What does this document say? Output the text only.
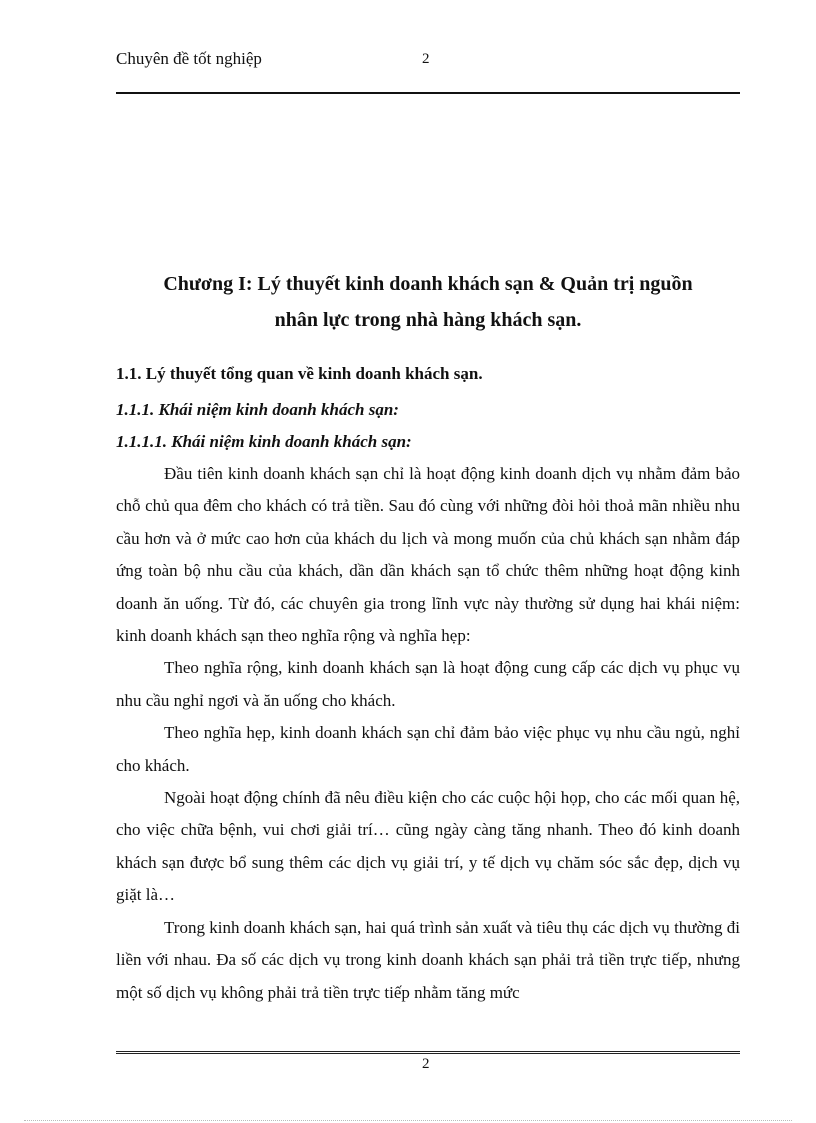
Chuyên đề tốt nghiệp	2
Chương I: Lý thuyết kinh doanh khách sạn & Quản trị nguồn
nhân lực trong nhà hàng khách sạn.
1.1. Lý thuyết tổng quan về kinh doanh khách sạn.
1.1.1. Khái niệm kinh doanh khách sạn:
1.1.1.1. Khái niệm kinh doanh khách sạn:

Đầu tiên kinh doanh khách sạn chỉ là hoạt động kinh doanh dịch vụ nhằm đảm bảo chỗ chủ qua đêm cho khách có trả tiền. Sau đó cùng với những đòi hỏi thoả mãn nhiều nhu cầu hơn và ở mức cao hơn của khách du lịch và mong muốn của chủ khách sạn nhằm đáp ứng toàn bộ nhu cầu của khách, dần dần khách sạn tổ chức thêm những hoạt động kinh doanh ăn uống. Từ đó, các chuyên gia trong lĩnh vực này thường sử dụng hai khái niệm: kinh doanh khách sạn theo nghĩa rộng và nghĩa hẹp:

Theo nghĩa rộng, kinh doanh khách sạn là hoạt động cung cấp các dịch vụ phục vụ nhu cầu nghỉ ngơi và ăn uống cho khách.

Theo nghĩa hẹp, kinh doanh khách sạn chỉ đảm bảo việc phục vụ nhu cầu ngủ, nghỉ cho khách.

Ngoài hoạt động chính đã nêu điều kiện cho các cuộc hội họp, cho các mối quan hệ, cho việc chữa bệnh, vui chơi giải trí… cũng ngày càng tăng nhanh. Theo đó kinh doanh khách sạn được bổ sung thêm các dịch vụ giải trí, y tế dịch vụ chăm sóc sắc đẹp, dịch vụ giặt là…

Trong kinh doanh khách sạn, hai quá trình sản xuất và tiêu thụ các dịch vụ thường đi liền với nhau. Đa số các dịch vụ trong kinh doanh khách sạn phải trả tiền trực tiếp, nhưng một số dịch vụ không phải trả tiền trực tiếp nhằm tăng mức

2
